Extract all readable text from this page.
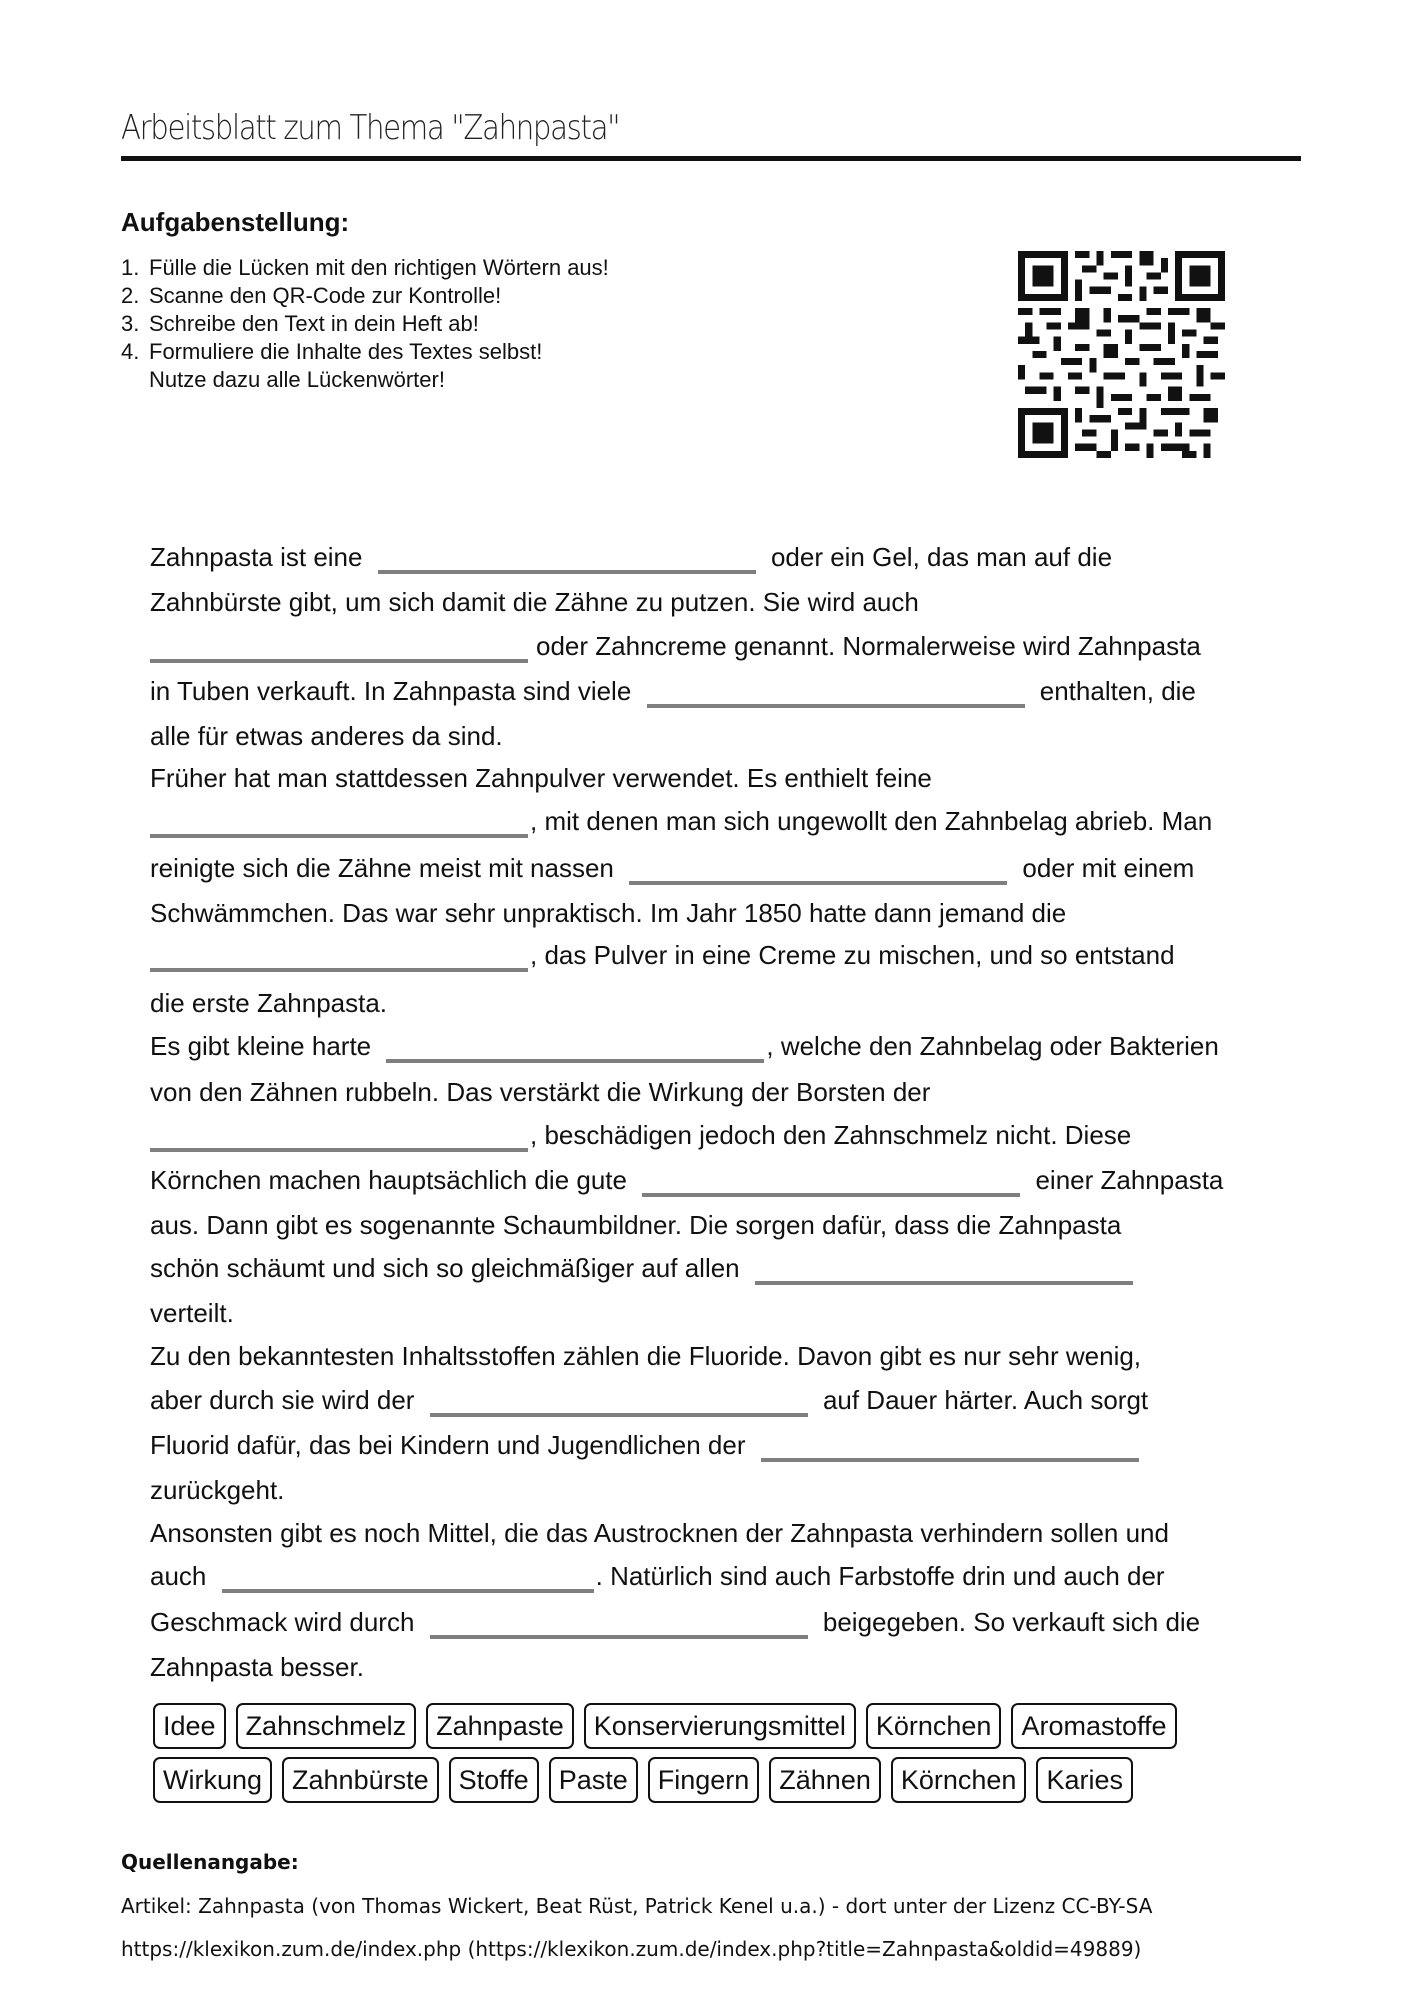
Arbeitsblatt zum Thema "Zahnpasta"
Aufgabenstellung:
1. Fülle die Lücken mit den richtigen Wörtern aus!
2. Scanne den QR-Code zur Kontrolle!
3. Schreibe den Text in dein Heft ab!
4. Formuliere die Inhalte des Textes selbst!
Nutze dazu alle Lückenwörter!
Zahnpasta ist eine	oder ein Gel, das man auf die
Zahnbürste gibt, um sich damit die Zähne zu putzen. Sie wird auch
oder Zahncreme genannt. Normalerweise wird Zahnpasta
in Tuben verkauft. In Zahnpasta sind viele	enthalten, die
alle für etwas anderes da sind.
Früher hat man stattdessen Zahnpulver verwendet. Es enthielt feine
, mit denen man sich ungewollt den Zahnbelag abrieb. Man
reinigte sich die Zähne meist mit nassen	oder mit einem
Schwämmchen. Das war sehr unpraktisch. Im Jahr 1850 hatte dann jemand die
, das Pulver in eine Creme zu mischen, und so entstand
die erste Zahnpasta.
Es gibt kleine harte	, welche den Zahnbelag oder Bakterien
von den Zähnen rubbeln. Das verstärkt die Wirkung der Borsten der
, beschädigen jedoch den Zahnschmelz nicht. Diese
Körnchen machen hauptsächlich die gute	einer Zahnpasta
aus. Dann gibt es sogenannte Schaumbildner. Die sorgen dafür, dass die Zahnpasta
schön schäumt und sich so gleichmäßiger auf allen
verteilt.
Zu den bekanntesten Inhaltsstoffen zählen die Fluoride. Davon gibt es nur sehr wenig,
aber durch sie wird der	auf Dauer härter. Auch sorgt
Fluorid dafür, das bei Kindern und Jugendlichen der
zurückgeht.
Ansonsten gibt es noch Mittel, die das Austrocknen der Zahnpasta verhindern sollen und
auch	. Natürlich sind auch Farbstoffe drin und auch der
Geschmack wird durch	beigegeben. So verkauft sich die
Zahnpasta besser.
Idee	Zahnschmelz	Zahnpaste	Konservierungsmittel	Körnchen	Aromastoffe
Wirkung	Zahnbürste	Stoffe	Paste	Fingern	Zähnen	Körnchen	Karies
Quellenangabe:
Artikel: Zahnpasta (von Thomas Wickert, Beat Rüst, Patrick Kenel u.a.) - dort unter der Lizenz CC-BY-SA
https://klexikon.zum.de/index.php (https://klexikon.zum.de/index.php?title=Zahnpasta&oldid=49889)
